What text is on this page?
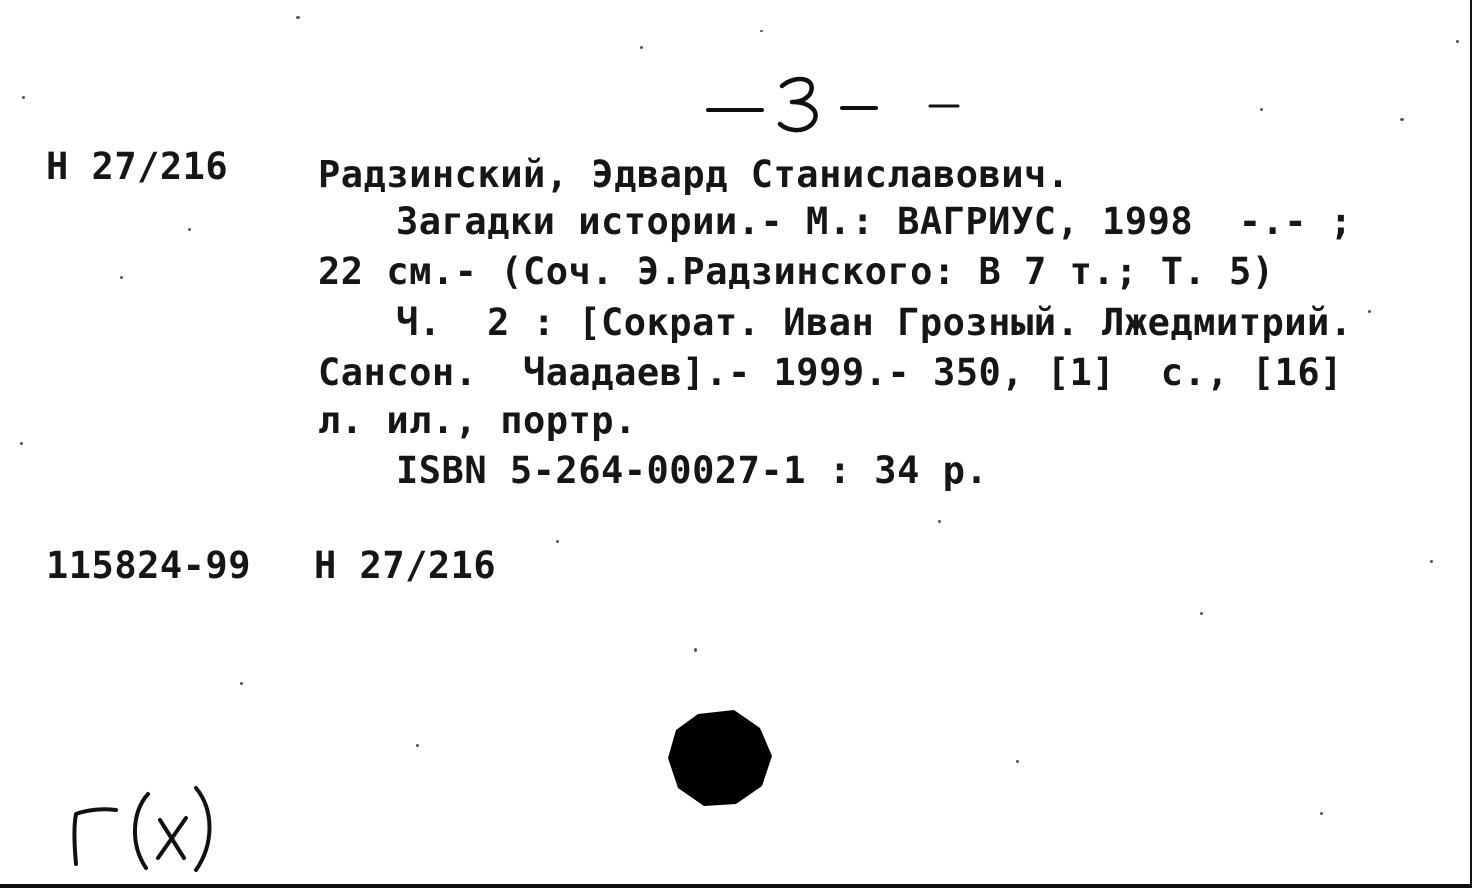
Н 27/216 Радзинский, Эдвард Станиславович.
Загадки истории.- М.: ВАГРИУС, 1998  -.- ;
22 см.- (Соч. Э.Радзинского: В 7 т.; Т. 5)
Ч.  2 : [Сократ. Иван Грозный. Лжедмитрий.
Сансон.  Чаадаев].- 1999.- 350, [1]  с., [16]
л. ил., портр.
ISBN 5-264-00027-1 : 34 р.
115824-99 Н 27/216
